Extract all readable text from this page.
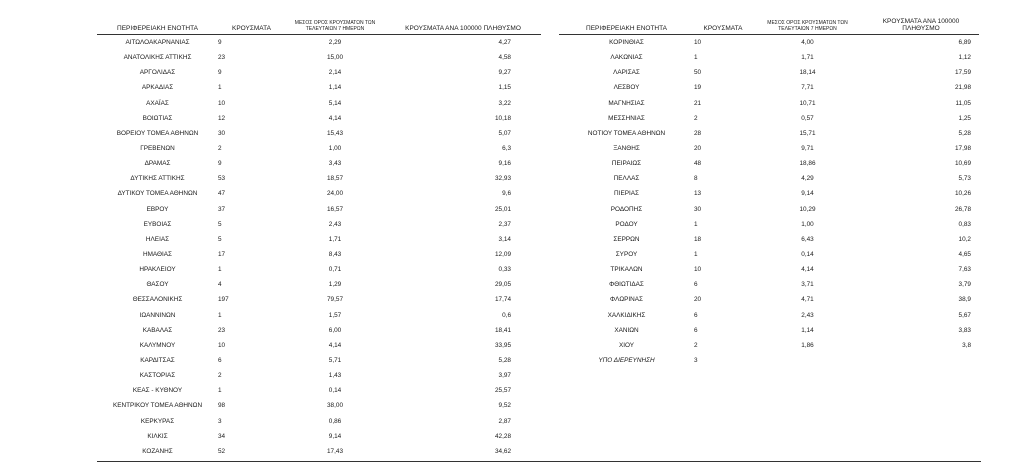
ΠΕΡΙΦΕΡΕΙΑΚΗ ΕΝΟΤΗΤΑ	ΚΡΟΥΣΜΑΤΑ	ΜΕΣΟΣ ΟΡΟΣ ΚΡΟΥΣΜΑΤΩΝ ΤΩΝ ΤΕΛΕΥΤΑΙΩΝ 7 ΗΜΕΡΩΝ	ΚΡΟΥΣΜΑΤΑ ΑΝΑ 100000 ΠΛΗΘΥΣΜΟ
ΑΙΤΩΛΟΑΚΑΡΝΑΝΙΑΣ	9	2,29	4,27
ΑΝΑΤΟΛΙΚΗΣ ΑΤΤΙΚΗΣ	23	15,00	4,58
ΑΡΓΟΛΙΔΑΣ	9	2,14	9,27
ΑΡΚΑΔΙΑΣ	1	1,14	1,15
ΑΧΑΪΑΣ	10	5,14	3,22
ΒΟΙΩΤΙΑΣ	12	4,14	10,18
ΒΟΡΕΙΟΥ ΤΟΜΕΑ ΑΘΗΝΩΝ	30	15,43	5,07
ΓΡΕΒΕΝΩΝ	2	1,00	6,3
ΔΡΑΜΑΣ	9	3,43	9,16
ΔΥΤΙΚΗΣ ΑΤΤΙΚΗΣ	53	18,57	32,93
ΔΥΤΙΚΟΥ ΤΟΜΕΑ ΑΘΗΝΩΝ	47	24,00	9,6
ΕΒΡΟΥ	37	16,57	25,01
ΕΥΒΟΙΑΣ	5	2,43	2,37
ΗΛΕΙΑΣ	5	1,71	3,14
ΗΜΑΘΙΑΣ	17	8,43	12,09
ΗΡΑΚΛΕΙΟΥ	1	0,71	0,33
ΘΑΣΟΥ	4	1,29	29,05
ΘΕΣΣΑΛΟΝΙΚΗΣ	197	79,57	17,74
ΙΩΑΝΝΙΝΩΝ	1	1,57	0,6
ΚΑΒΑΛΑΣ	23	6,00	18,41
ΚΑΛΥΜΝΟΥ	10	4,14	33,95
ΚΑΡΔΙΤΣΑΣ	6	5,71	5,28
ΚΑΣΤΟΡΙΑΣ	2	1,43	3,97
ΚΕΑΣ - ΚΥΘΝΟΥ	1	0,14	25,57
ΚΕΝΤΡΙΚΟΥ ΤΟΜΕΑ ΑΘΗΝΩΝ	98	38,00	9,52
ΚΕΡΚΥΡΑΣ	3	0,86	2,87
ΚΙΛΚΙΣ	34	9,14	42,28
ΚΟΖΑΝΗΣ	52	17,43	34,62
ΠΕΡΙΦΕΡΕΙΑΚΗ ΕΝΟΤΗΤΑ	ΚΡΟΥΣΜΑΤΑ	ΜΕΣΟΣ ΟΡΟΣ ΚΡΟΥΣΜΑΤΩΝ ΤΩΝ ΤΕΛΕΥΤΑΙΩΝ 7 ΗΜΕΡΩΝ	ΚΡΟΥΣΜΑΤΑ ΑΝΑ 100000 ΠΛΗΘΥΣΜΟ
ΚΟΡΙΝΘΙΑΣ	10	4,00	6,89
ΛΑΚΩΝΙΑΣ	1	1,71	1,12
ΛΑΡΙΣΑΣ	50	18,14	17,59
ΛΕΣΒΟΥ	19	7,71	21,98
ΜΑΓΝΗΣΙΑΣ	21	10,71	11,05
ΜΕΣΣΗΝΙΑΣ	2	0,57	1,25
ΝΟΤΙΟΥ ΤΟΜΕΑ ΑΘΗΝΩΝ	28	15,71	5,28
ΞΑΝΘΗΣ	20	9,71	17,98
ΠΕΙΡΑΙΩΣ	48	18,86	10,69
ΠΕΛΛΑΣ	8	4,29	5,73
ΠΙΕΡΙΑΣ	13	9,14	10,26
ΡΟΔΟΠΗΣ	30	10,29	26,78
ΡΟΔΟΥ	1	1,00	0,83
ΣΕΡΡΩΝ	18	6,43	10,2
ΣΥΡΟΥ	1	0,14	4,65
ΤΡΙΚΑΛΩΝ	10	4,14	7,63
ΦΘΙΩΤΙΔΑΣ	6	3,71	3,79
ΦΛΩΡΙΝΑΣ	20	4,71	38,9
ΧΑΛΚΙΔΙΚΗΣ	6	2,43	5,67
ΧΑΝΙΩΝ	6	1,14	3,83
ΧΙΟΥ	2	1,86	3,8
ΥΠΟ ΔΙΕΡΕΥΝΗΣΗ	3		
